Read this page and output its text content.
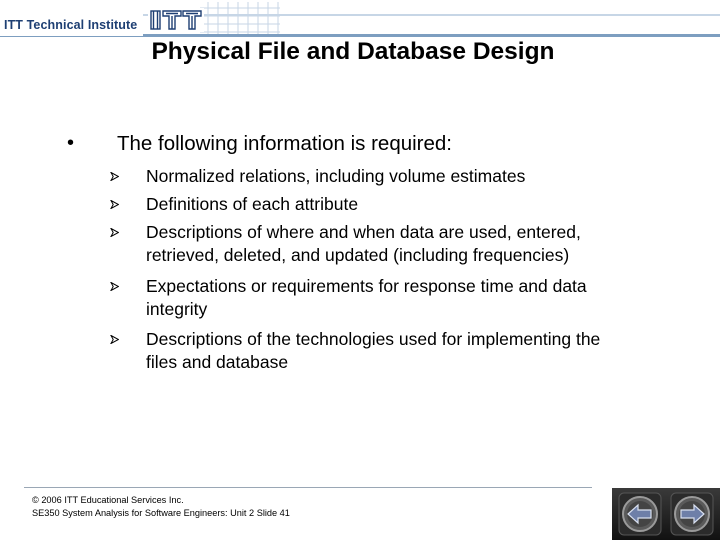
ITT Technical Institute
Physical File and Database Design
• The following information is required:
Normalized relations, including volume estimates
Definitions of each attribute
Descriptions of where and when data are used, entered,
retrieved, deleted, and updated (including frequencies)
Expectations or requirements for response time and data
integrity
Descriptions of the technologies used for implementing the
files and database
© 2006 ITT Educational Services Inc.
SE350 System Analysis for Software Engineers: Unit 2 Slide 41
